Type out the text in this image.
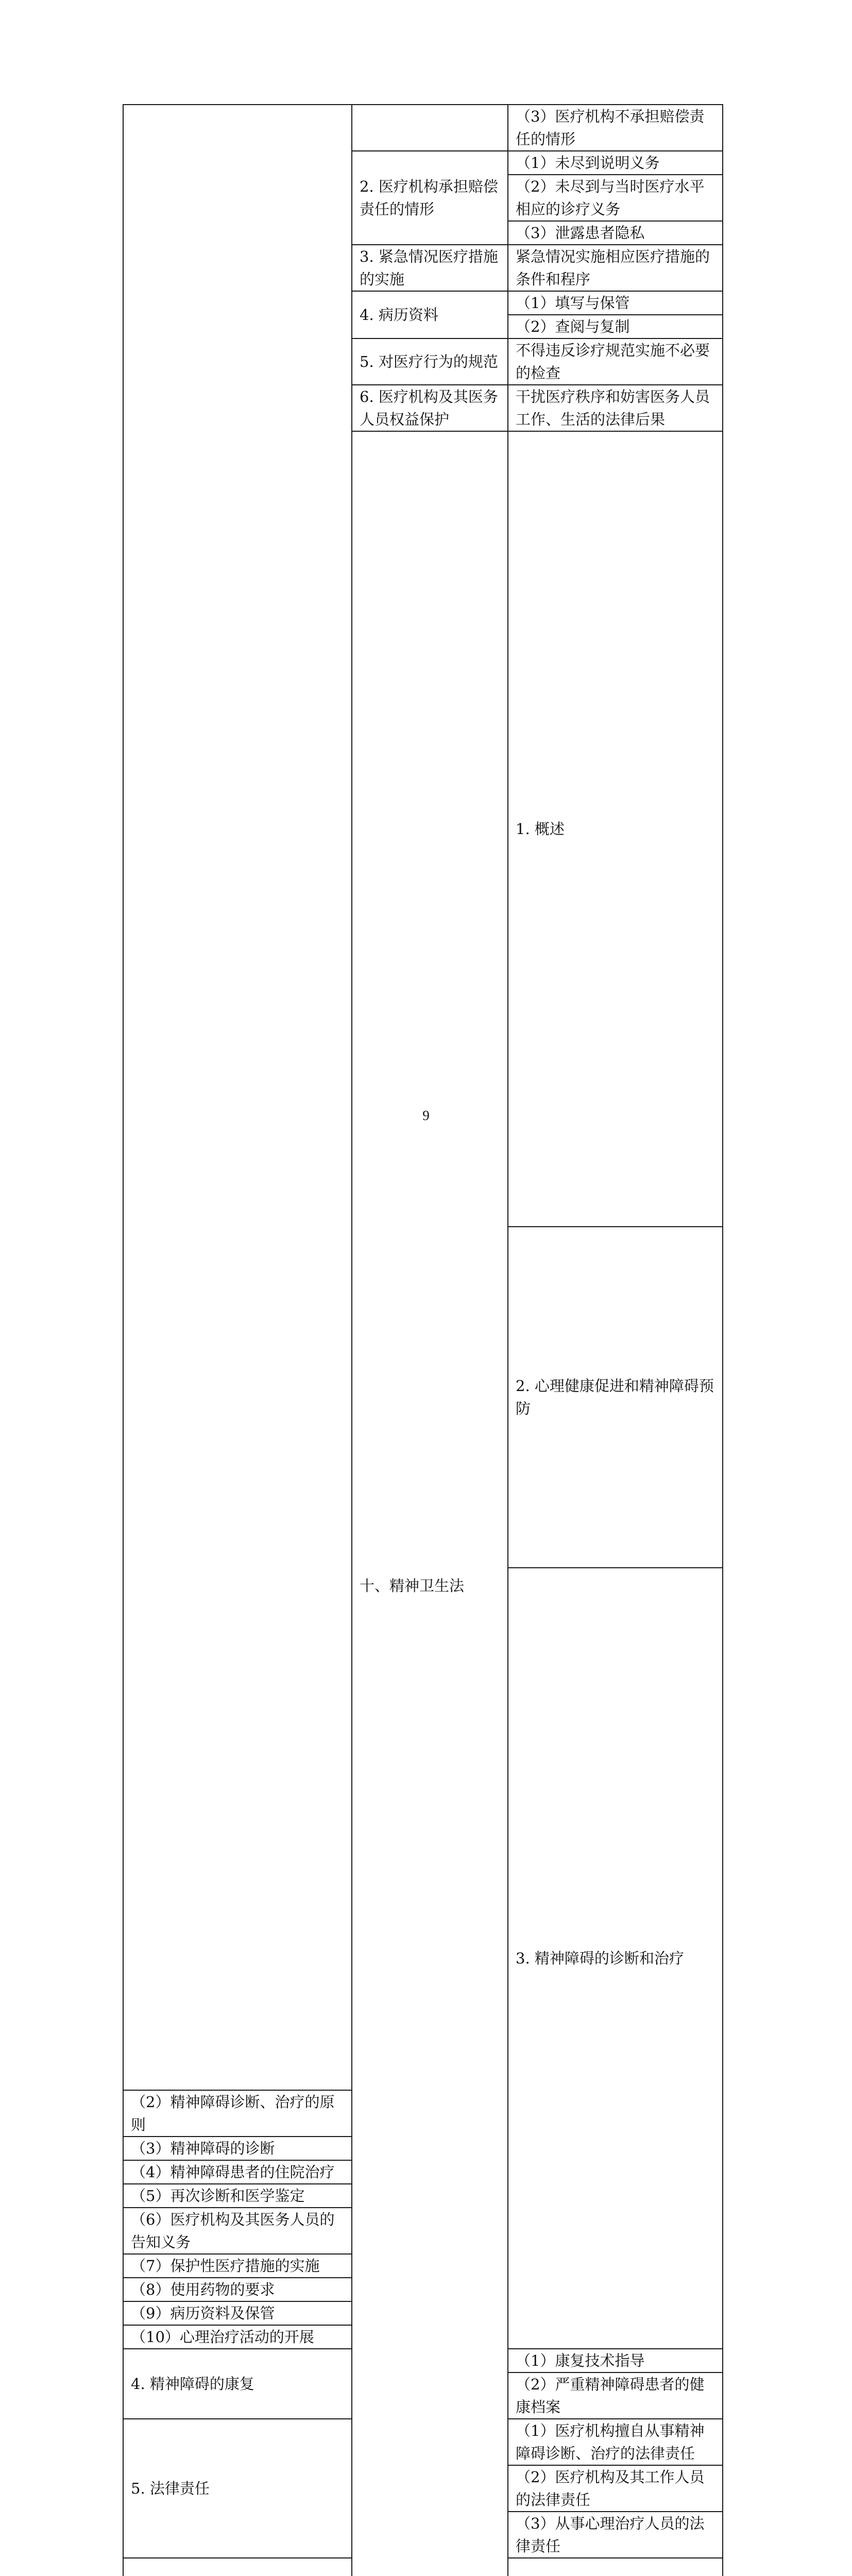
		（3）医疗机构不承担赔偿责任的情形	
	2. 医疗机构承担赔偿责任的情形	（1）未尽到说明义务	
		（2）未尽到与当时医疗水平相应的诊疗义务	
		（3）泄露患者隐私	
	3. 紧急情况医疗措施的实施	紧急情况实施相应医疗措施的条件和程序	
	4. 病历资料	（1）填写与保管	
		（2）查阅与复制	
	5. 对医疗行为的规范	不得违反诊疗规范实施不必要的检查	
	6. 医疗机构及其医务人员权益保护	干扰医疗秩序和妨害医务人员工作、生活的法律后果	
	十、精神卫生法	1. 概述	

		2. 心理健康促进和精神障碍预防	
		3. 精神障碍的诊断和治疗	
（2）精神障碍诊断、治疗的原则			
（3）精神障碍的诊断			
（4）精神障碍患者的住院治疗			
（5）再次诊断和医学鉴定			
（6）医疗机构及其医务人员的告知义务			
（7）保护性医疗措施的实施			
（8）使用药物的要求			
（9）病历资料及保管			
（10）心理治疗活动的开展			
4. 精神障碍的康复		（1）康复技术指导	
		（2）严重精神障碍患者的健康档案	
5. 法律责任		（1）医疗机构擅自从事精神障碍诊断、治疗的法律责任	
		（2）医疗机构及其工作人员的法律责任	
		（3）从事心理治疗人员的法律责任	

9
